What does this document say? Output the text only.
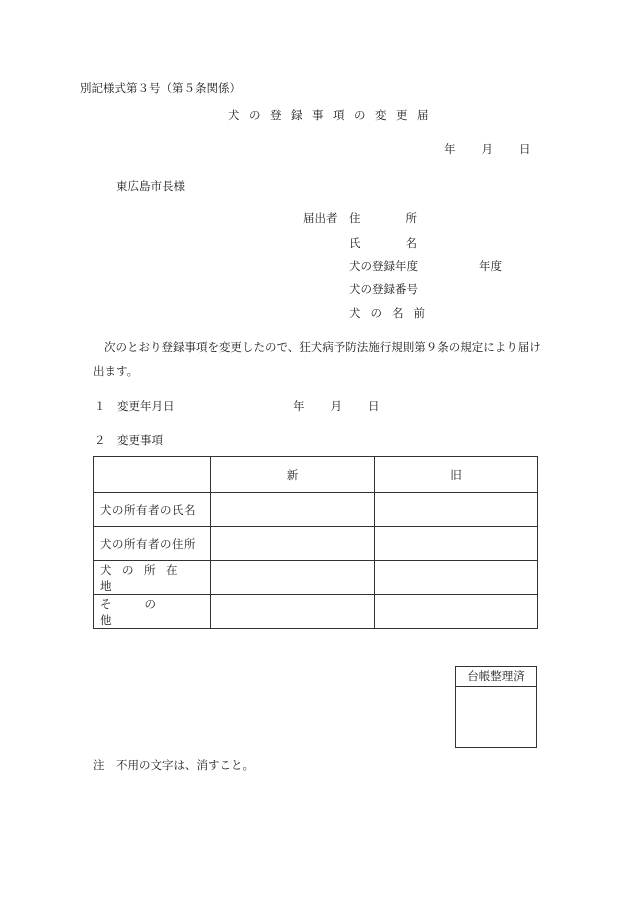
別記様式第３号（第５条関係）
犬の登録事項の変更届
年 月 日
東広島市長様
届出者 住所
氏名
犬の登録年度	年度
犬の登録番号
犬の名前
次のとおり登録事項を変更したので、狂犬病予防法施行規則第９条の規定により届け
出ます。
１ 変更年月日	年 月 日
２ 変更事項
	新	旧

犬の所有者の氏名		

犬の所有者の住所		

犬の所在地		

その他		

台帳整理済
注　不用の文字は、消すこと。
